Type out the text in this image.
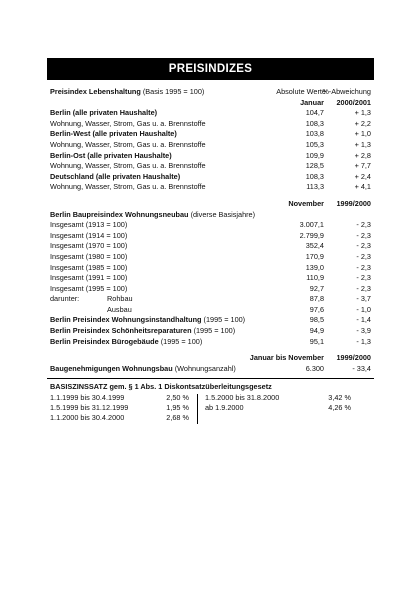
PREISINDIZES
Preisindex Lebenshaltung (Basis 1995 = 100)	Absolute Werte
%-Abweichung
Januar 2000/2001
Berlin (alle privaten Haushalte)	104,7	+ 1,3
Wohnung, Wasser, Strom, Gas u. a. Brennstoffe	108,3	+ 2,2
Berlin-West (alle privaten Haushalte)	103,8	+ 1,0
Wohnung, Wasser, Strom, Gas u. a. Brennstoffe	105,3	+ 1,3
Berlin-Ost (alle privaten Haushalte)	109,9	+ 2,8
Wohnung, Wasser, Strom, Gas u. a. Brennstoffe	128,5	+ 7,7
Deutschland (alle privaten Haushalte)	108,3	+ 2,4
Wohnung, Wasser, Strom, Gas u. a. Brennstoffe	113,3	+ 4,1
November 1999/2000
Berlin Baupreisindex Wohnungsneubau (diverse Basisjahre)
Insgesamt (1913 = 100)	3.007,1	- 2,3
Insgesamt (1914 = 100)	2.799,9	- 2,3
Insgesamt (1970 = 100)	352,4	- 2,3
Insgesamt (1980 = 100)	170,9	- 2,3
Insgesamt (1985 = 100)	139,0	- 2,3
Insgesamt (1991 = 100)	110,9	- 2,3
Insgesamt (1995 = 100)	92,7	- 2,3
darunter:	Rohbau	87,8	- 3,7
Ausbau	97,6	- 1,0
Berlin Preisindex Wohnungsinstandhaltung (1995 = 100)	98,5	- 1,4
Berlin Preisindex Schönheitsreparaturen (1995 = 100)	94,9	- 3,9
Berlin Preisindex Bürogebäude (1995 = 100)	95,1	- 1,3
Januar bis November 1999/2000
Baugenehmigungen Wohnungsbau (Wohnungsanzahl)	6.300	- 33,4
BASISZINSSATZ gem. § 1 Abs. 1 Diskontsatzüberleitungsgesetz
1.1.1999 bis 30.4.1999	2,50 %
1.5.1999 bis 31.12.1999	1,95 %
1.1.2000 bis 30.4.2000	2,68 %
1.5.2000 bis 31.8.2000	3,42 %
ab 1.9.2000	4,26 %
